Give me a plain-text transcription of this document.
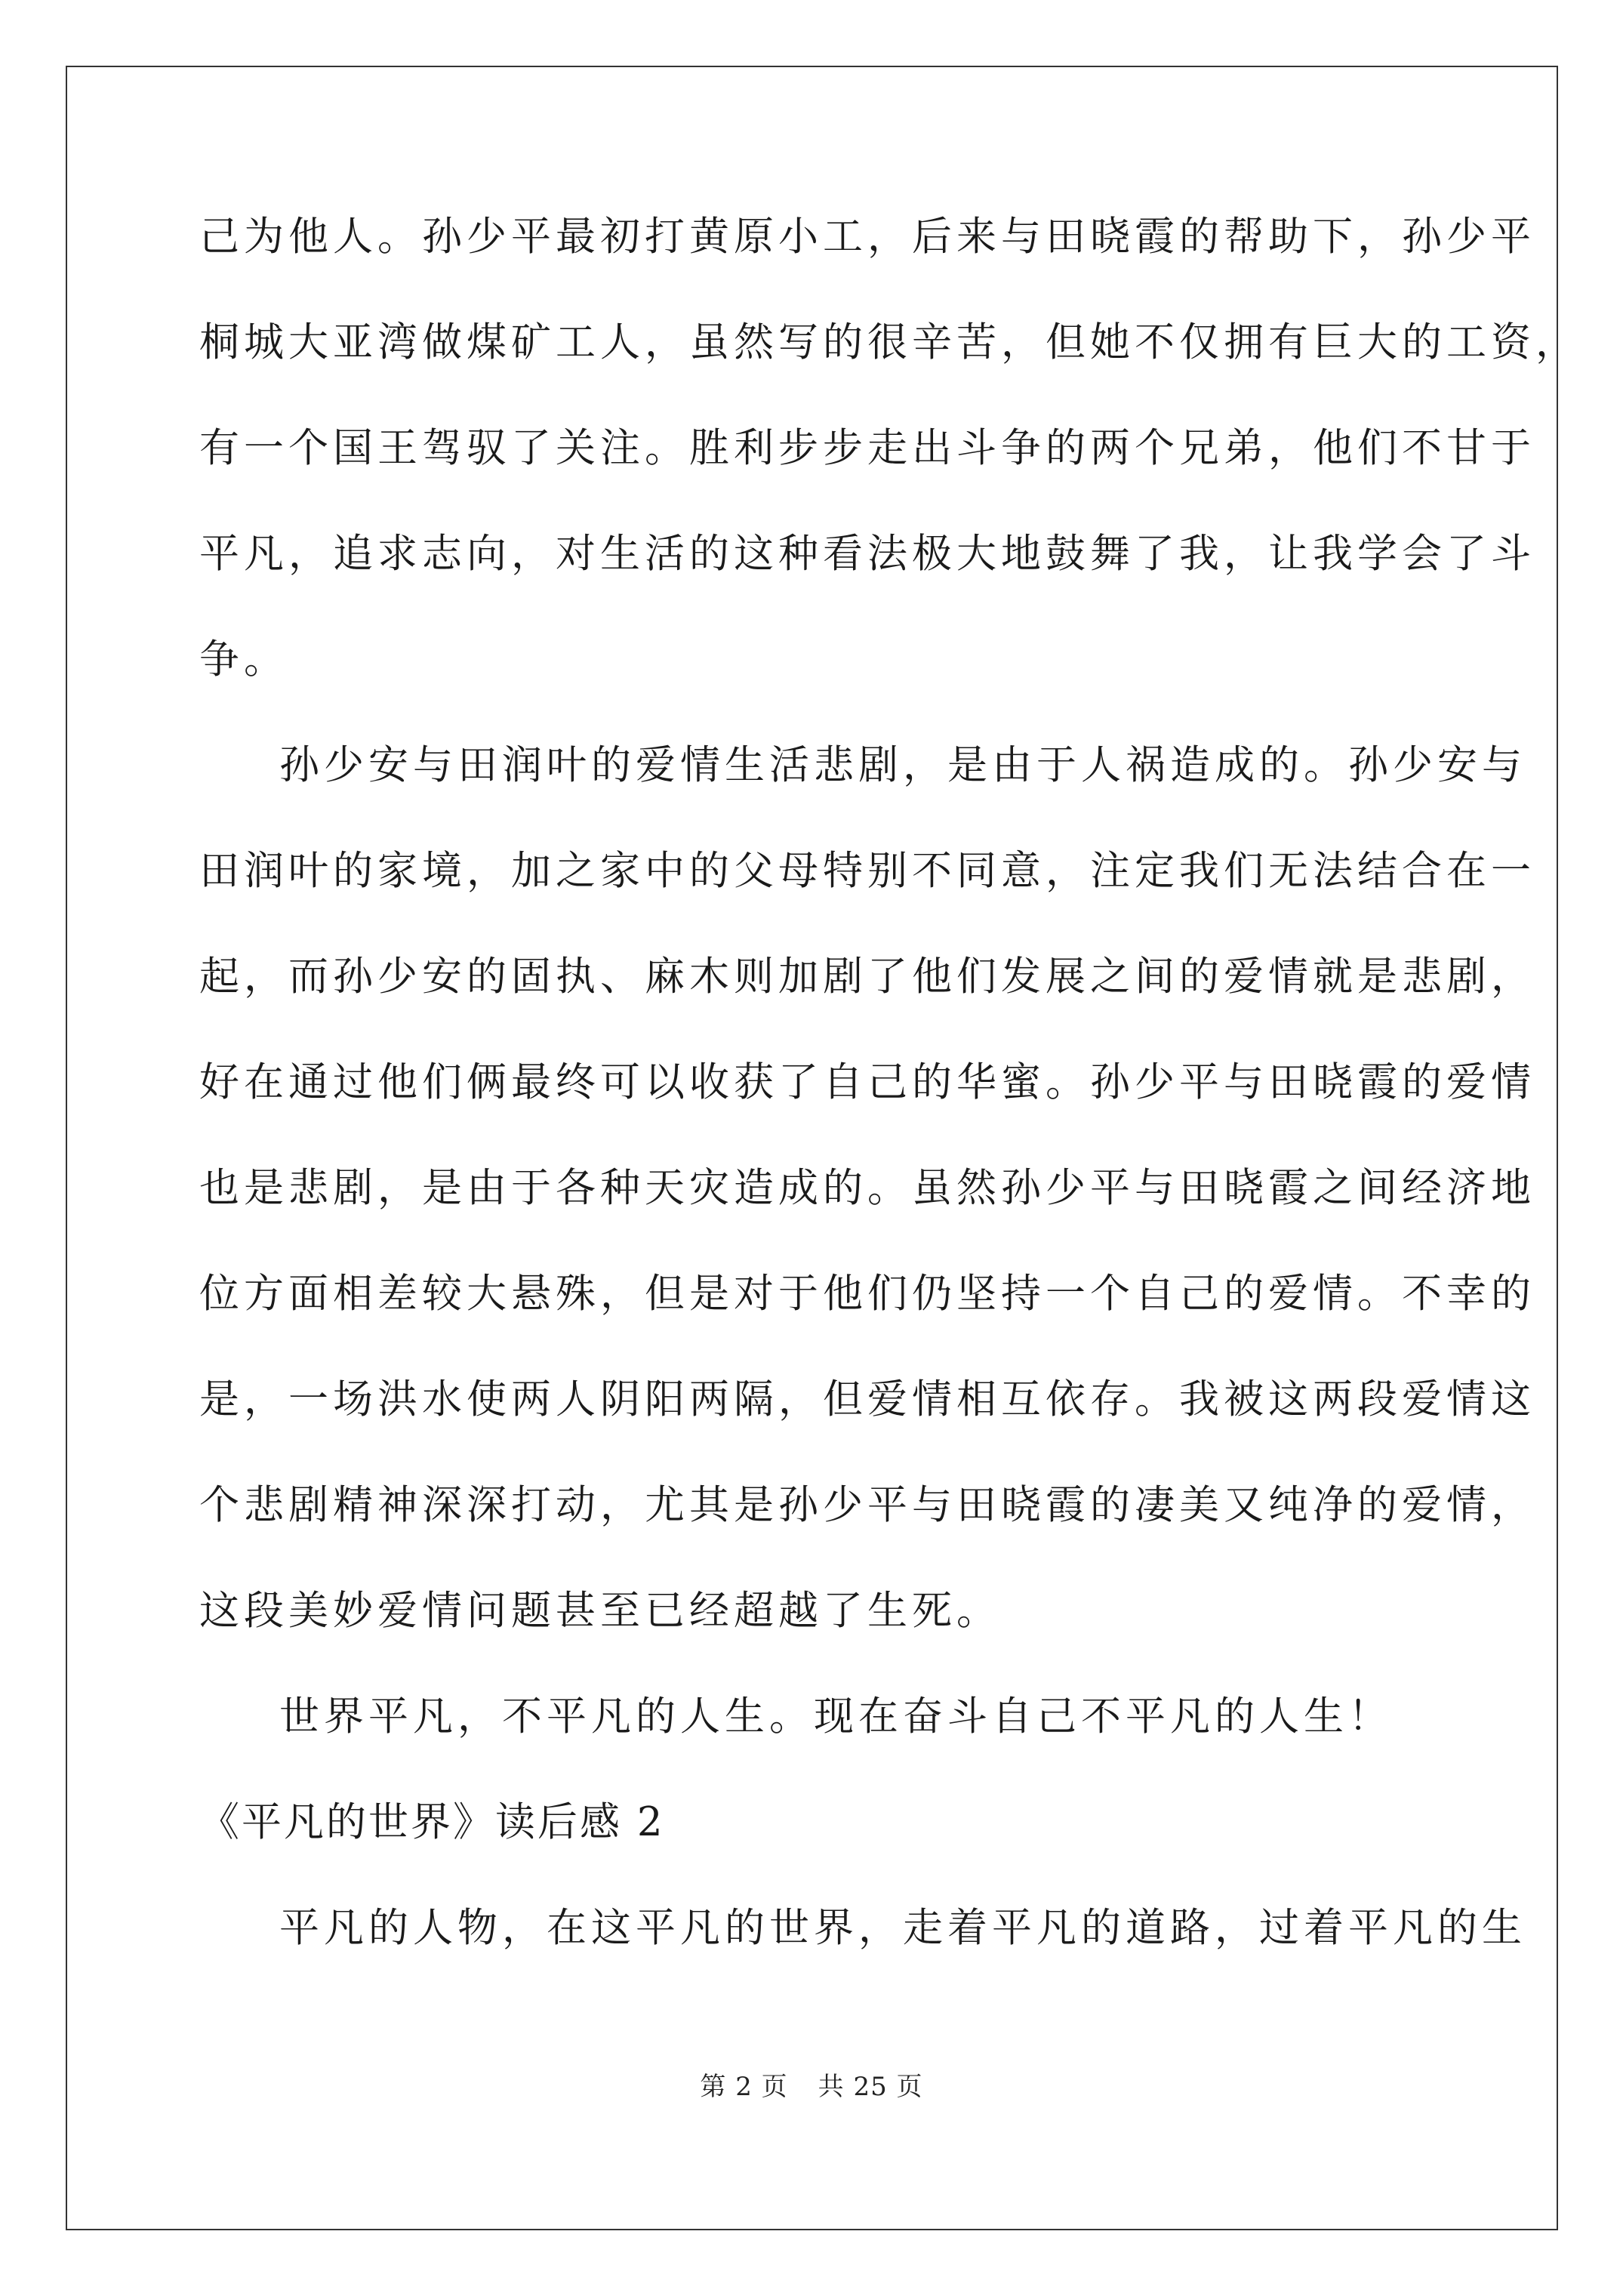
己为他人。孙少平最初打黄原小工，后来与田晓霞的帮助下，孙少平
桐城大亚湾做煤矿工人，虽然写的很辛苦，但她不仅拥有巨大的工资，
有一个国王驾驭了关注。胜利步步走出斗争的两个兄弟，他们不甘于
平凡，追求志向，对生活的这种看法极大地鼓舞了我，让我学会了斗
争。
孙少安与田润叶的爱情生活悲剧，是由于人祸造成的。孙少安与
田润叶的家境，加之家中的父母特别不同意，注定我们无法结合在一
起，而孙少安的固执、麻木则加剧了他们发展之间的爱情就是悲剧，
好在通过他们俩最终可以收获了自己的华蜜。孙少平与田晓霞的爱情
也是悲剧，是由于各种天灾造成的。虽然孙少平与田晓霞之间经济地
位方面相差较大悬殊，但是对于他们仍坚持一个自己的爱情。不幸的
是，一场洪水使两人阴阳两隔，但爱情相互依存。我被这两段爱情这
个悲剧精神深深打动，尤其是孙少平与田晓霞的凄美又纯净的爱情，
这段美妙爱情问题甚至已经超越了生死。
世界平凡，不平凡的人生。现在奋斗自己不平凡的人生！
《平凡的世界》读后感 2
平凡的人物，在这平凡的世界，走着平凡的道路，过着平凡的生
第 2 页 共 25 页
